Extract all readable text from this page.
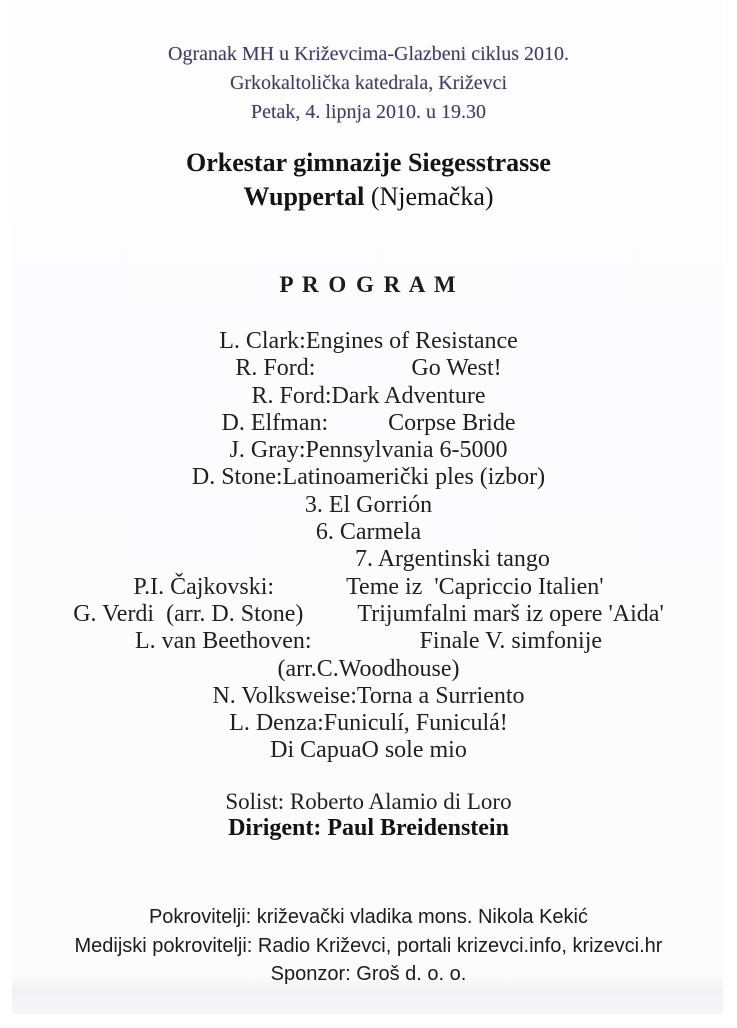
Ogranak MH u Križevcima-Glazbeni ciklus 2010.
Grkokaltolička katedrala, Križevci
Petak, 4. lipnja 2010. u 19.30
Orkestar gimnazije Siegesstrasse
Wuppertal (Njemačka)
P R O G R A M
L. Clark:Engines of Resistance
R. Ford:                Go West!
R. Ford:Dark Adventure
D. Elfman:          Corpse Bride
J. Gray:Pennsylvania 6-5000
D. Stone:Latinoamerički ples (izbor)
3. El Gorrión
6. Carmela
7. Argentinski tango
P.I. Čajkovski:            Teme iz  'Capriccio Italien'
G. Verdi  (arr. D. Stone)         Trijumfalni marš iz opere 'Aida'
L. van Beethoven:                  Finale V. simfonije
(arr.C.Woodhouse)
N. Volksweise:Torna a Surriento
L. Denza:Funiculí, Funiculá!
Di CapuaO sole mio
Solist: Roberto Alamio di Loro
Dirigent: Paul Breidenstein
Pokrovitelji: križevački vladika mons. Nikola Kekić
Medijski pokrovitelji: Radio Križevci, portali krizevci.info, krizevci.hr
Sponzor: Groš d. o. o.
